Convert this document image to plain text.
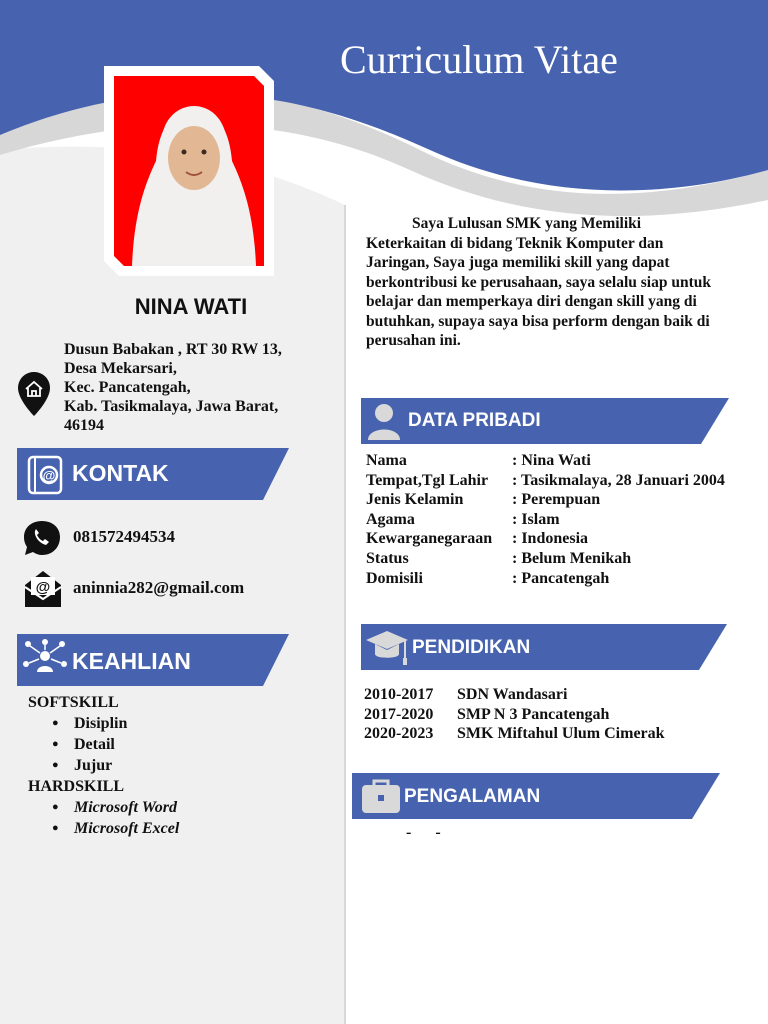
Curriculum Vitae
NINA WATI
Dusun Babakan , RT 30 RW 13,
Desa Mekarsari,
Kec. Pancatengah,
Kab. Tasikmalaya, Jawa Barat,
46194
@ KONTAK
081572494534
@ aninnia282@gmail.com
KEAHLIAN
SOFTSKILL
● Disiplin
● Detail
● Jujur
HARDSKILL
● Microsoft Word
● Microsoft Excel
Saya Lulusan SMK yang Memiliki Keterkaitan di bidang Teknik Komputer dan Jaringan, Saya juga memiliki skill yang dapat berkontribusi ke perusahaan, saya selalu siap untuk belajar dan memperkaya diri dengan skill yang di butuhkan, supaya saya bisa perform dengan baik di perusahan ini.
DATA PRIBADI
Nama	: Nina Wati
Tempat,Tgl Lahir	: Tasikmalaya, 28 Januari 2004
Jenis Kelamin	: Perempuan
Agama	: Islam
Kewarganegaraan	: Indonesia
Status	: Belum Menikah
Domisili	: Pancatengah
PENDIDIKAN
2010-2017	SDN Wandasari
2017-2020	SMP N 3 Pancatengah
2020-2023	SMK Miftahul Ulum Cimerak
PENGALAMAN
- -
